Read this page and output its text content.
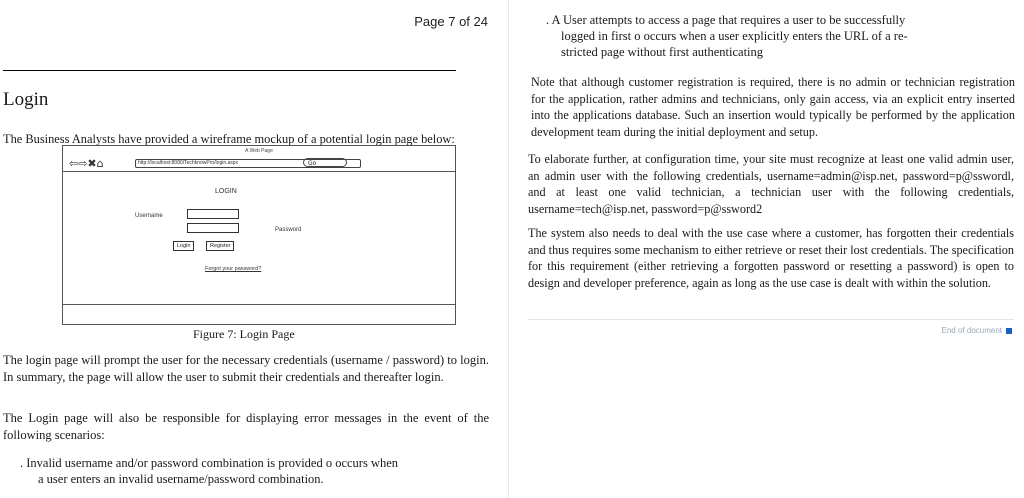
Page 7 of 24
Login
The Business Analysts have provided a wireframe mockup of a potential login page below:
A Web Page
⇦⇨✖⌂	http://localhost:8080/TechknowPro/login.aspx	Go
LOGIN
Username
Password
Login	Register
Forgot your password?
Figure 7: Login Page
The login page will prompt the user for the necessary credentials (username / password) to login. In summary, the page will allow the user to submit their credentials and thereafter login.
The Login page will also be responsible for displaying error messages in the event of the following scenarios:
. Invalid username and/or password combination is provided o occurs when
a user enters an invalid username/password combination.
. A User attempts to access a page that requires a user to be successfully
logged in first o occurs when a user explicitly enters the URL of a re-
stricted page without first authenticating
Note that although customer registration is required, there is no admin or technician registration for the application, rather admins and technicians, only gain access, via an explicit entry inserted into the applications database. Such an insertion would typically be performed by the application development team during the initial deployment and setup.
To elaborate further, at configuration time, your site must recognize at least one valid admin user, an admin user with the following credentials, username=admin@isp.net, password=p@sswordl, and at least one valid technician, a technician user with the following credentials, username=tech@isp.net, password=p@ssword2
The system also needs to deal with the use case where a customer, has forgotten their credentials and thus requires some mechanism to either retrieve or reset their lost credentials. The specification for this requirement (either retrieving a forgotten password or resetting a password) is open to design and developer preference, again as long as the use case is dealt with within the solution.
End of document
